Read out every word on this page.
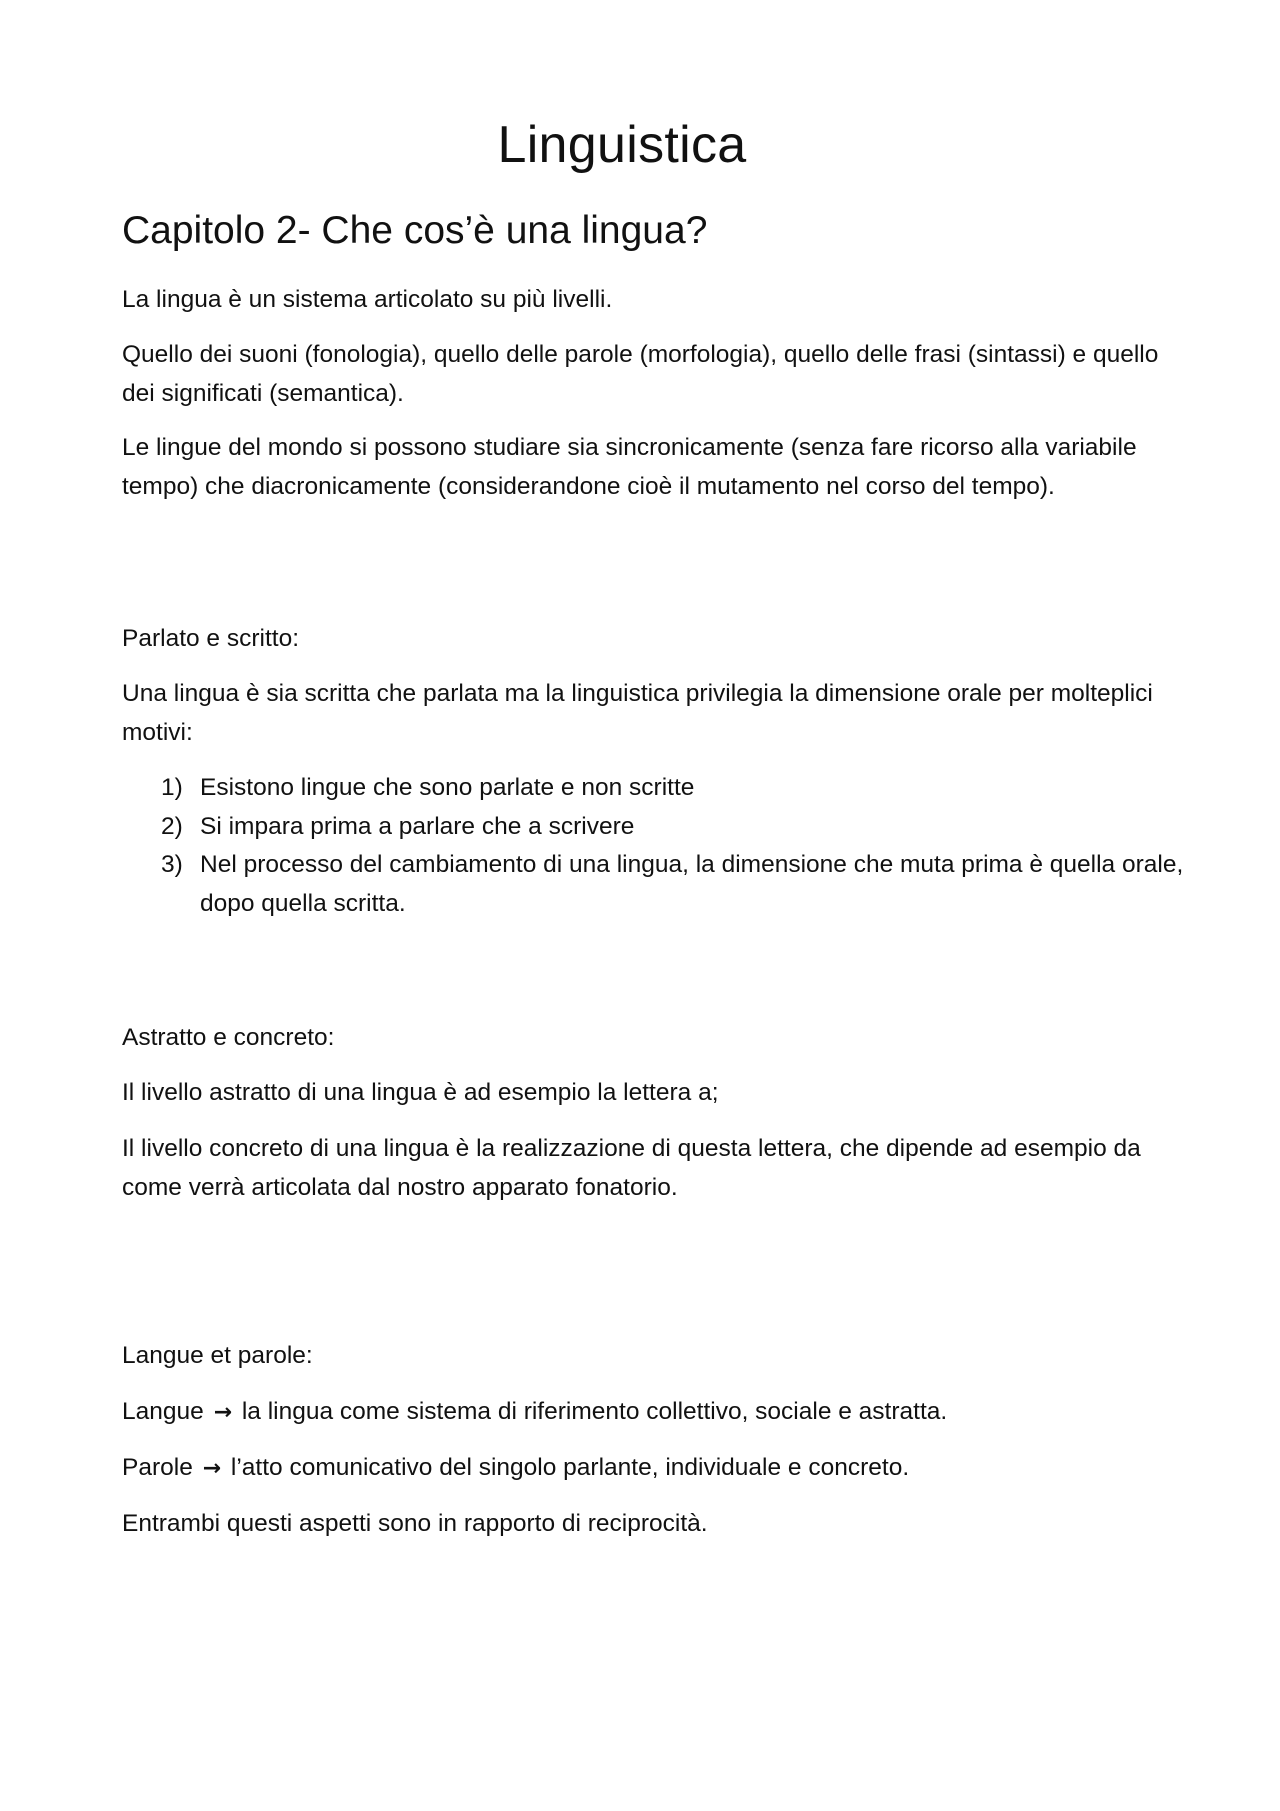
Linguistica
Capitolo 2- Che cos’è una lingua?

La lingua è un sistema articolato su più livelli.

Quello dei suoni (fonologia), quello delle parole (morfologia), quello delle frasi (sintassi) e quello dei significati (semantica).

Le lingue del mondo si possono studiare sia sincronicamente (senza fare ricorso alla variabile tempo) che diacronicamente (considerandone cioè il mutamento nel corso del tempo).

Parlato e scritto:

Una lingua è sia scritta che parlata ma la linguistica privilegia la dimensione orale per molteplici motivi:

1) Esistono lingue che sono parlate e non scritte
2) Si impara prima a parlare che a scrivere
3) Nel processo del cambiamento di una lingua, la dimensione che muta prima è quella orale, dopo quella scritta.

Astratto e concreto:

Il livello astratto di una lingua è ad esempio la lettera a;

Il livello concreto di una lingua è la realizzazione di questa lettera, che dipende ad esempio da come verrà articolata dal nostro apparato fonatorio.

Langue et parole:

Langue → la lingua come sistema di riferimento collettivo, sociale e astratta.

Parole → l’atto comunicativo del singolo parlante, individuale e concreto.

Entrambi questi aspetti sono in rapporto di reciprocità.
